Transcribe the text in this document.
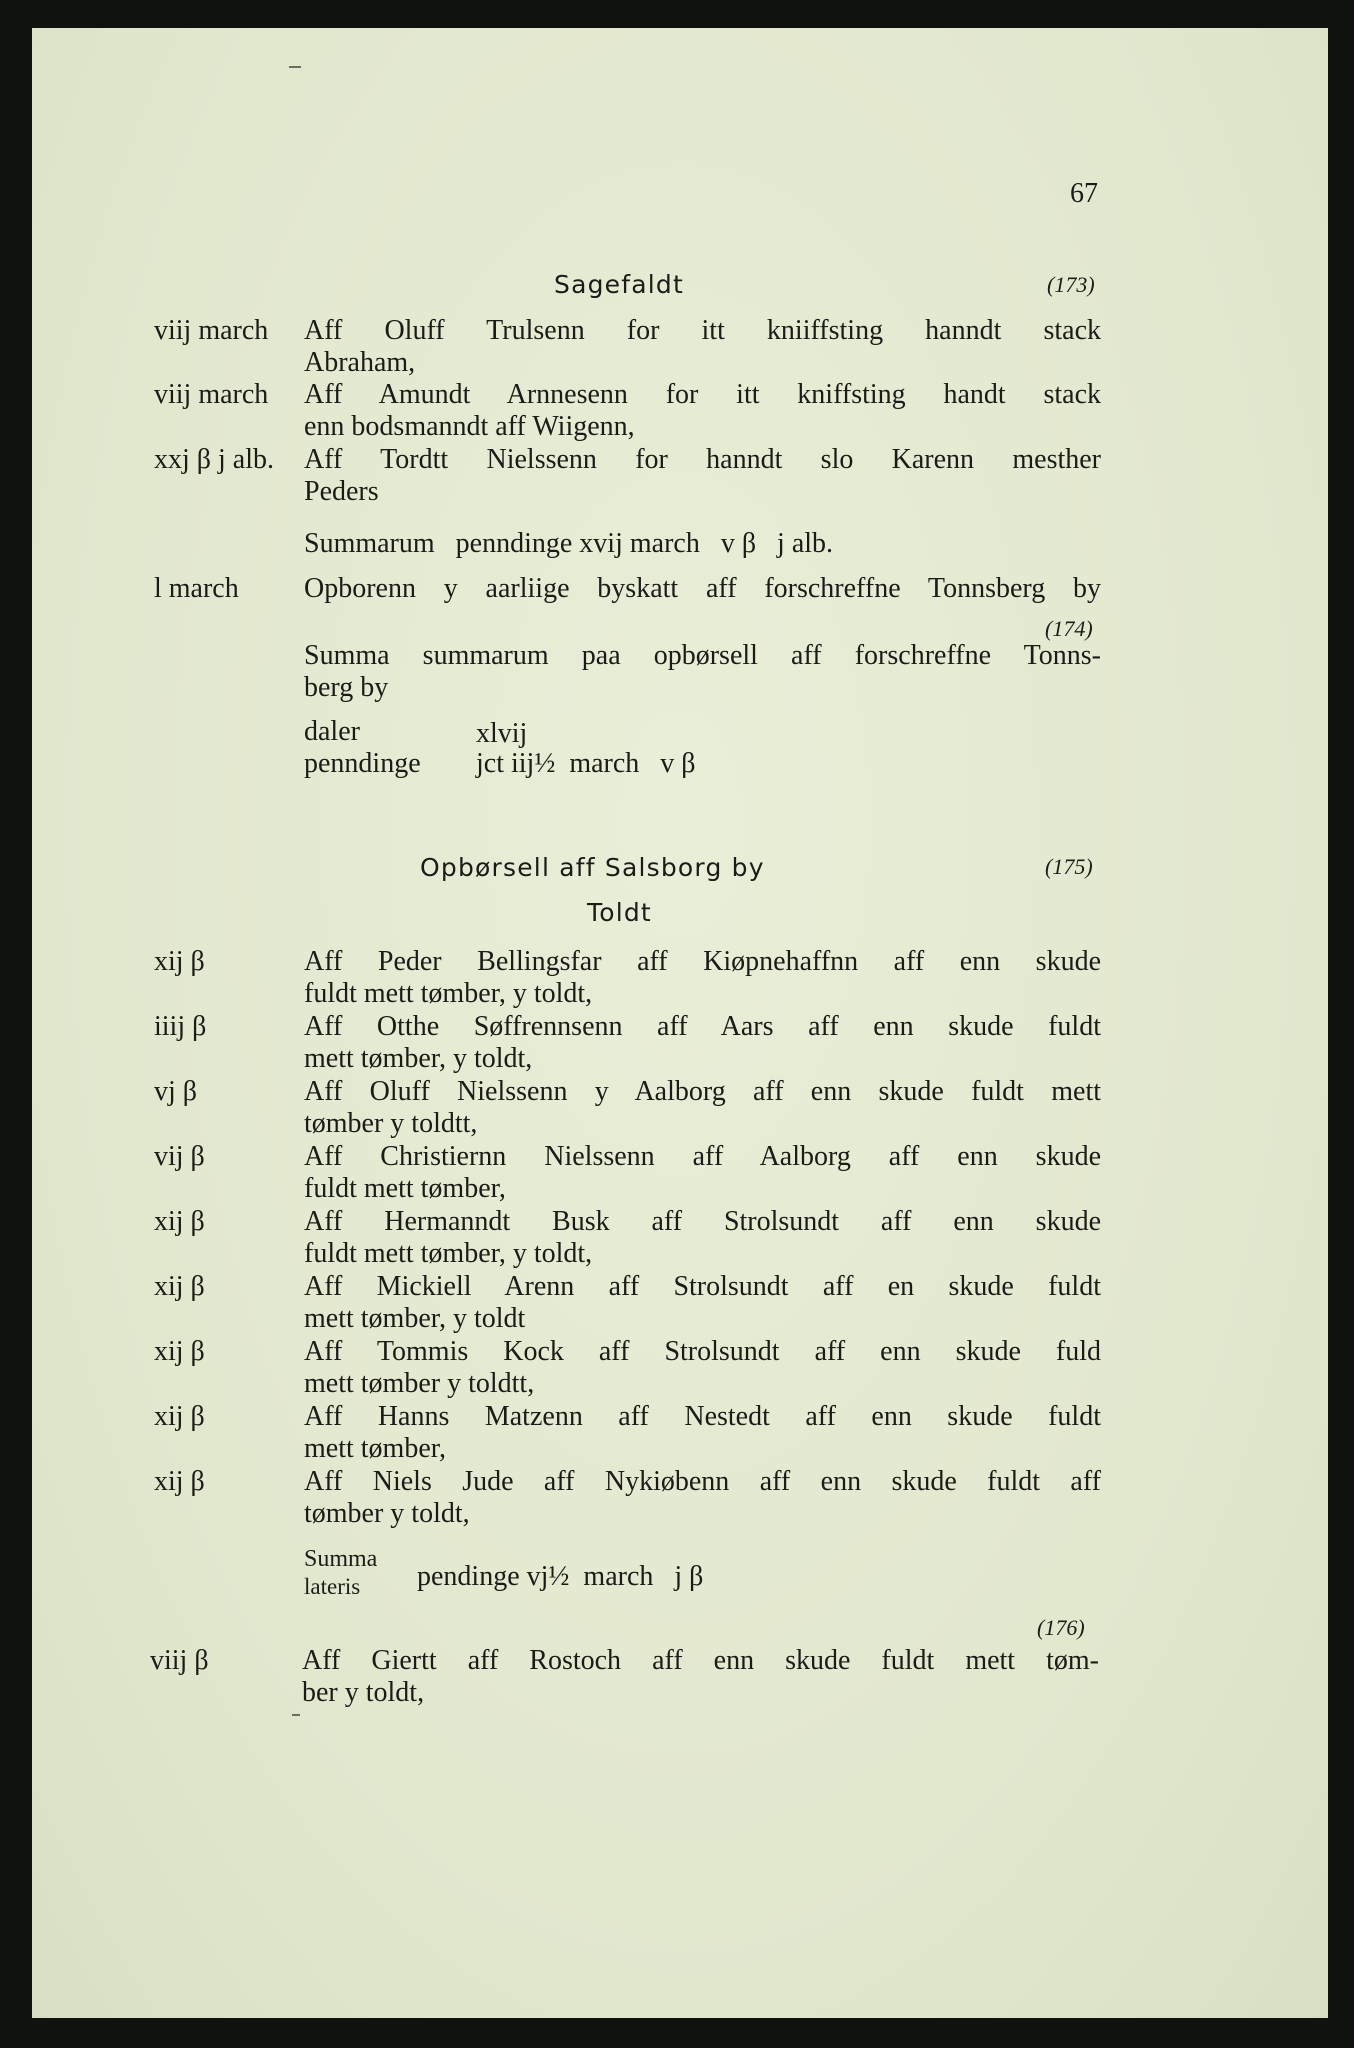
67
Sagefaldt	(173)
viij march Aff Oluff Trulsenn for itt kniiffsting hanndt stack
Abraham,
viij march Aff Amundt Arnnesenn for itt kniffsting handt stack
enn bodsmanndt aff Wiigenn,
xxj β j alb. Aff Tordtt Nielssenn for hanndt slo Karenn mesther
Peders
Summarum   penndinge xvij march   v β   j alb.
l march Opborenn y aarliige byskatt aff forschreffne Tonnsberg by
(174)
Summa summarum paa opbørsell aff forschreffne Tonns-
berg by
daler	xlvij
penndinge jct iij½  march   v β
Opbørsell aff Salsborg by	(175)
Toldt
xij β	Aff Peder Bellingsfar aff Kiøpnehaffnn aff enn skude
fuldt mett tømber, y toldt,
iiij β	Aff Otthe Søffrennsenn aff Aars aff enn skude fuldt
mett tømber, y toldt,
vj β	Aff Oluff Nielssenn y Aalborg aff enn skude fuldt mett
tømber y toldtt,
vij β	Aff Christiernn Nielssenn aff Aalborg aff enn skude
fuldt mett tømber,
xij β	Aff Hermanndt Busk aff Strolsundt aff enn skude
fuldt mett tømber, y toldt,
xij β	Aff Mickiell Arenn aff Strolsundt aff en skude fuldt
mett tømber, y toldt
xij β	Aff Tommis Kock aff Strolsundt aff enn skude fuld
mett tømber y toldtt,
xij β	Aff Hanns Matzenn aff Nestedt aff enn skude fuldt
mett tømber,
xij β	Aff Niels Jude aff Nykiøbenn aff enn skude fuldt aff
tømber y toldt,
Summa
lateris pendinge vj½  march   j β
(176)
viij β	Aff Giertt aff Rostoch aff enn skude fuldt mett tøm-
ber y toldt,
